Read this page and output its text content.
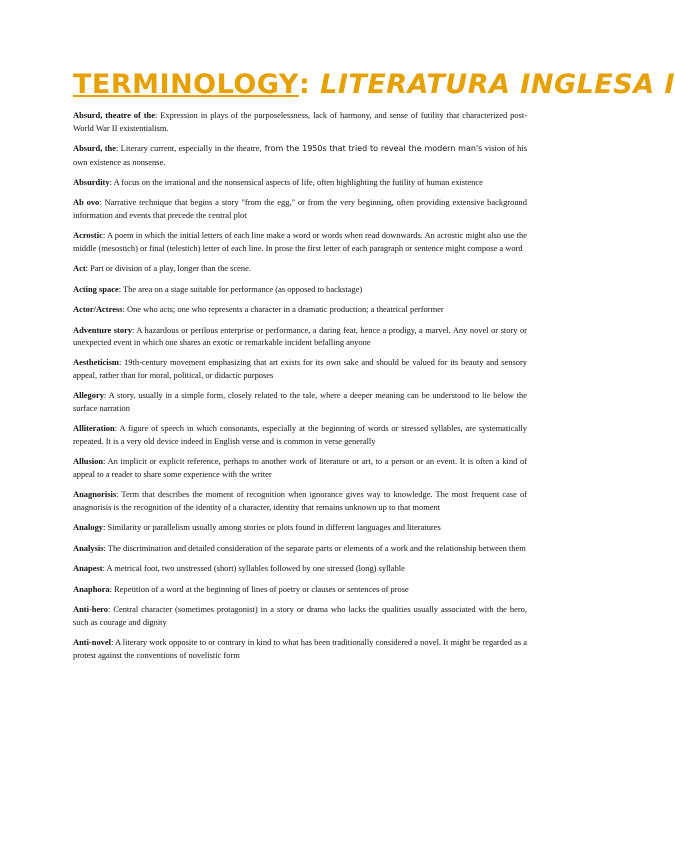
TERMINOLOGY: LITERATURA INGLESA I

Absurd, theatre of the: Expression in plays of the purposelessness, lack of harmony, and sense of futility that characterized post-World War II existentialism.

Absurd, the: Literary current, especially in the theatre, from the 1950s that tried to reveal the modern man's vision of his own existence as nonsense.

Absurdity: A focus on the irrational and the nonsensical aspects of life, often highlighting the futility of human existence

Ab ovo: Narrative technique that begins a story "from the egg," or from the very beginning, often providing extensive background information and events that precede the central plot

Acrostic: A poem in which the initial letters of each line make a word or words when read downwards. An acrostic might also use the middle (mesostich) or final (telestich) letter of each line. In prose the first letter of each paragraph or sentence might compose a word

Act: Part or division of a play, longer than the scene.

Acting space: The area on a stage suitable for performance (as opposed to backstage)

Actor/Actress: One who acts; one who represents a character in a dramatic production; a theatrical performer

Adventure story: A hazardous or perilous enterprise or performance, a daring feat, hence a prodigy, a marvel. Any novel or story or unexpected event in which one shares an exotic or remarkable incident befalling anyone

Aestheticism: 19th-century movement emphasizing that art exists for its own sake and should be valued for its beauty and sensory appeal, rather than for moral, political, or didactic purposes

Allegory: A story, usually in a simple form, closely related to the tale, where a deeper meaning can be understood to lie below the surface narration

Alliteration: A figure of speech in which consonants, especially at the beginning of words or stressed syllables, are systematically repeated. It is a very old device indeed in English verse and is common in verse generally

Allusion: An implicit or explicit reference, perhaps to another work of literature or art, to a person or an event. It is often a kind of appeal to a reader to share some experience with the writer

Anagnorisis: Term that describes the moment of recognition when ignorance gives way to knowledge. The most frequent case of anagnorisis is the recognition of the identity of a character, identity that remains unknown up to that moment

Analogy: Similarity or parallelism usually among stories or plots found in different languages and literatures

Analysis: The discrimination and detailed consideration of the separate parts or elements of a work and the relationship between them

Anapest: A metrical foot, two unstressed (short) syllables followed by one stressed (long) syllable

Anaphora: Repetition of a word at the beginning of lines of poetry or clauses or sentences of prose

Anti-hero: Central character (sometimes protagonist) in a story or drama who lacks the qualities usually associated with the hero, such as courage and dignity

Anti-novel: A literary work opposite to or contrary in kind to what has been traditionally considered a novel. It might be regarded as a protest against the conventions of novelistic form
